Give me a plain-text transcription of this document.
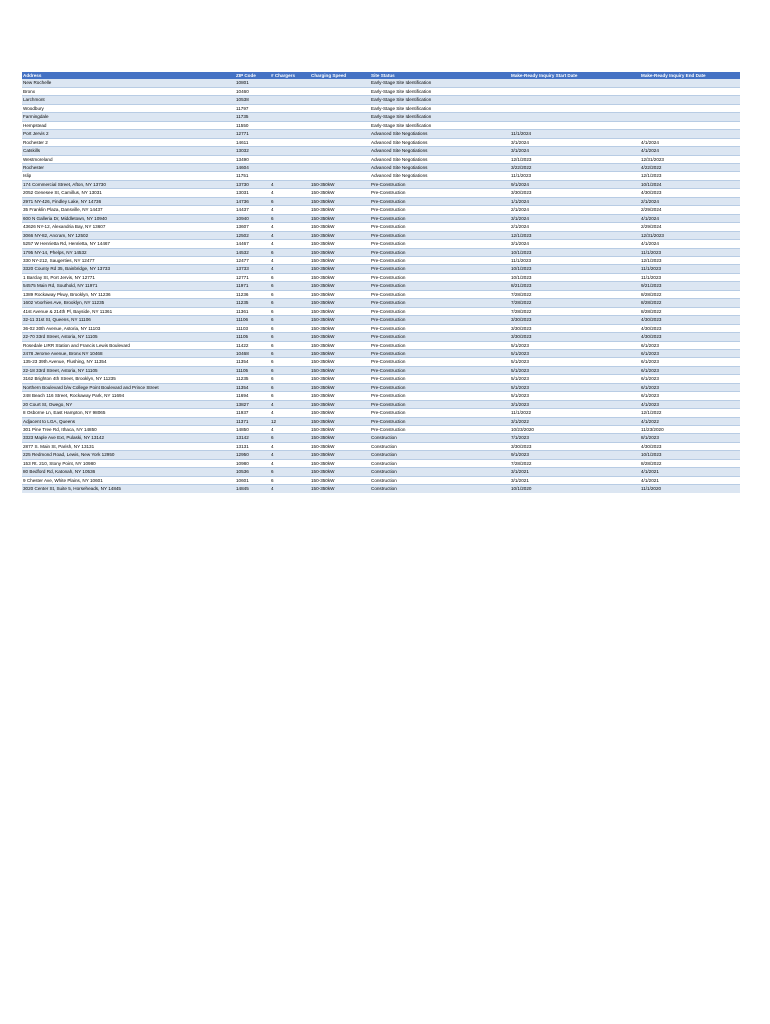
Address	ZIP Code	# Chargers	Charging Speed	Site Status	Make-Ready Inquiry Start Date	Make-Ready Inquiry End Date
New Rochelle	10801			Early-Stage Site Identification		
Bronx	10460			Early-Stage Site Identification		
Larchmont	10538			Early-Stage Site Identification		
Woodbury	11797			Early-Stage Site Identification		
Farmingdale	11735			Early-Stage Site Identification		
Hempstead	11550			Early-Stage Site Identification		
Port Jervis 2	12771			Advanced Site Negotiations	11/1/2024	
Rochester 2	14611			Advanced Site Negotiations	3/1/2024	4/1/2024
Catskills	13032			Advanced Site Negotiations	3/1/2024	4/1/2024
Westmoreland	13490			Advanced Site Negotiations	12/1/2023	12/31/2023
Rochester	14604			Advanced Site Negotiations	3/22/2022	4/22/2022
Islip	11751			Advanced Site Negotiations	11/1/2023	12/1/2023
174 Commercial Street, Afton, NY 13730	13730	4	150-350kW	Pre-Construction	9/1/2024	10/1/2024
2052 Genesee St, Camillus, NY 13031	13031	4	150-350kW	Pre-Construction	3/30/2023	4/30/2023
2971 NY-426, Findley Lake, NY 14736	14736	6	150-350kW	Pre-Construction	1/1/2024	2/1/2024
35 Franklin Plaza, Dansville, NY 14437	14437	4	150-350kW	Pre-Construction	2/1/2024	2/29/2024
600 N Galleria Dr, Middletown, NY 10940	10940	6	150-350kW	Pre-Construction	3/1/2024	4/1/2024
43626 NY-12, Alexandria Bay, NY 13607	13607	4	150-350kW	Pre-Construction	2/1/2024	2/29/2024
3066 NY-82, Ancram, NY 12502	12502	4	150-350kW	Pre-Construction	12/1/2023	12/31/2023
5257 W Henrietta Rd, Henrietta, NY 14467	14467	4	150-350kW	Pre-Construction	3/1/2024	4/1/2024
1795 NY-14, Phelps, NY 14532	14532	6	150-350kW	Pre-Construction	10/1/2023	11/1/2023
330 NY-212, Saugerties, NY 12477	12477	4	150-350kW	Pre-Construction	11/1/2023	12/1/2023
3320 County Rd 35, Bainbridge, NY 13733	13733	4	150-350kW	Pre-Construction	10/1/2023	11/1/2023
1 Barclay St, Port Jervis, NY 12771	12771	6	150-350kW	Pre-Construction	10/1/2023	11/1/2023
54575 Main Rd, Southold, NY 11971	11971	6	150-350kW	Pre-Construction	8/21/2023	9/21/2023
1389 Rockaway Pkwy, Brooklyn, NY 11236	11236	6	150-350kW	Pre-Construction	7/28/2022	8/28/2022
1602 Voorhies Ave, Brooklyn, NY 11235	11235	6	150-350kW	Pre-Construction	7/28/2022	8/28/2022
41st Avenue & 214th Pl, Bayside, NY 11361	11361	6	150-350kW	Pre-Construction	7/28/2022	8/28/2022
32-11 31st St, Queens, NY 11106	11106	6	150-350kW	Pre-Construction	3/30/2023	4/30/2023
36-02 30th Avenue, Astoria, NY 11103	11103	6	150-350kW	Pre-Construction	3/30/2023	4/30/2023
22-70 33rd Street, Astoria, NY 11105	11105	6	150-350kW	Pre-Construction	3/30/2023	4/30/2023
Rosedale LIRR Station and Francis Lewis Boulevard	11422	6	150-350kW	Pre-Construction	5/1/2023	6/1/2023
2478 Jerome Avenue, Bronx NY 10468	10468	6	150-350kW	Pre-Construction	5/1/2023	6/1/2023
135-23 39th Avenue, Flushing, NY 11354	11354	6	150-350kW	Pre-Construction	5/1/2023	6/1/2023
22-18 33rd Street, Astoria, NY 11105	11105	6	150-350kW	Pre-Construction	5/1/2023	6/1/2023
3162 Brighton 4th Street, Brooklyn, NY 11235	11235	6	150-350kW	Pre-Construction	5/1/2023	6/1/2023
Northern Boulevard b/w College Point Boulevard and Prince Street	11354	6	150-350kW	Pre-Construction	5/1/2023	6/1/2023
248 Beach 116 Street, Rockaway Park, NY 11694	11694	6	150-350kW	Pre-Construction	5/1/2023	6/1/2023
20 Court St, Owego, NY	13827	4	150-350kW	Pre-Construction	3/1/2023	4/1/2023
8 Osborne Ln, East Hampton, NY 98065	11937	4	150-350kW	Pre-Construction	11/1/2022	12/1/2022
Adjacent to LGA, Queens	11371	12	150-350kW	Pre-Construction	3/1/2022	4/1/2022
301 Pine Tree Rd, Ithaca, NY 14850	14850	4	150-350kW	Pre-Construction	10/23/2020	11/23/2020
3323 Maple Ave Ext, Pulaski, NY 13142	13142	6	150-350kW	Construction	7/1/2023	8/1/2023
2877 S. Main St, Parish, NY 13131	13131	4	150-350kW	Construction	3/30/2023	4/30/2023
225 Redmond Road, Lewis, New York 12950	12950	4	150-350kW	Construction	9/1/2023	10/1/2023
153 Rt. 210, Stony Point, NY 10980	10980	4	150-350kW	Construction	7/28/2022	8/28/2022
80 Bedford Rd, Katonah, NY 10536	10536	6	150-350kW	Construction	3/1/2021	4/1/2021
9 Chester Ave, White Plains, NY 10601	10601	6	150-350kW	Construction	3/1/2021	4/1/2021
3020 Center St, Suite 5, Horseheads, NY 14845	14845	4	150-350kW	Construction	10/1/2020	11/1/2020
